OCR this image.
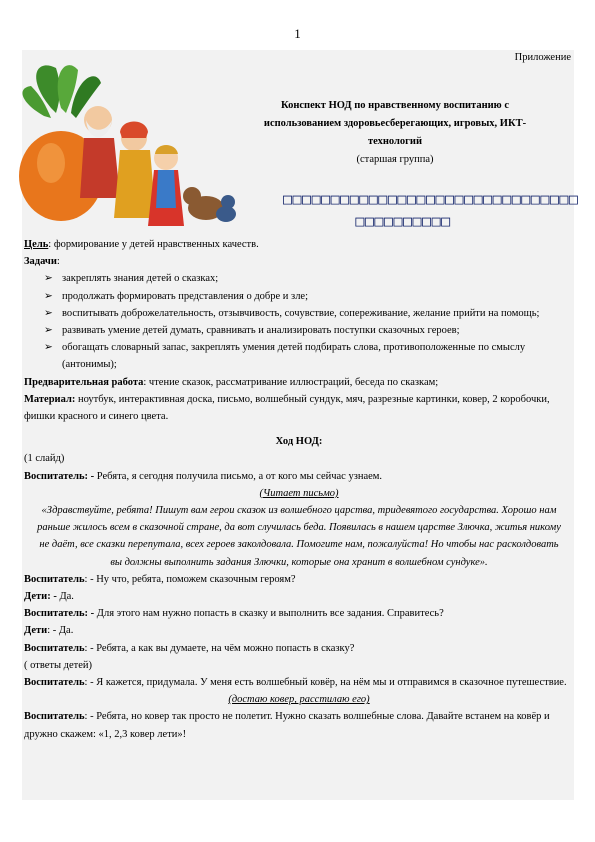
1
Приложение
Конспект НОД по нравственному воспитанию с
использованием здоровьесберегающих, игровых, ИКТ-
технологий
(старшая группа)
□□□□□□□□□□□□□□□□□□□□□□□□□□□□□□□
□□□□□□□□□□

Цель: формирование у детей нравственных качеств.

Задачи:

➢ закреплять знания детей о сказках;
➢ продолжать формировать представления о добре и зле;
➢ воспитывать доброжелательность, отзывчивость, сочувствие, сопереживание, желание прийти на помощь;
➢ развивать умение детей думать, сравнивать и анализировать поступки сказочных героев;
➢ обогащать словарный запас, закреплять умения детей подбирать слова, противоположенные по смыслу (антонимы);

Предварительная работа: чтение сказок, рассматривание иллюстраций, беседа по сказкам;

Материал: ноутбук, интерактивная доска, письмо, волшебный сундук, мяч, разрезные картинки, ковер, 2 коробочки, фишки красного и синего цвета.

Ход НОД:

(1 слайд)

Воспитатель: - Ребята, я сегодня получила письмо, а от кого мы сейчас узнаем.

(Читает письмо)

«Здравствуйте, ребята! Пишут вам герои сказок из волшебного царства, тридевятого государства. Хорошо нам раньше жилось всем в сказочной стране, да вот случилась беда. Появилась в нашем царстве Злючка, житья никому не даёт, все сказки перепутала, всех героев заколдовала. Помогите нам, пожалуйста! Но чтобы нас расколдовать вы должны выполнить задания Злючки, которые она хранит в волшебном сундуке».

Воспитатель: - Ну что, ребята, поможем сказочным героям?

Дети: - Да.

Воспитатель: - Для этого нам нужно попасть в сказку и выполнить все задания. Справитесь?

Дети: - Да.

Воспитатель: - Ребята, а как вы думаете, на чём можно попасть в сказку?

( ответы детей)

Воспитатель: - Я кажется, придумала. У меня есть волшебный ковёр, на нём мы и отправимся в сказочное путешествие.

(достаю ковер, расстилаю его)

Воспитатель: - Ребята, но ковер так просто не полетит. Нужно сказать волшебные слова. Давайте встанем на ковёр и дружно скажем: «1, 2,3 ковер лети»!
